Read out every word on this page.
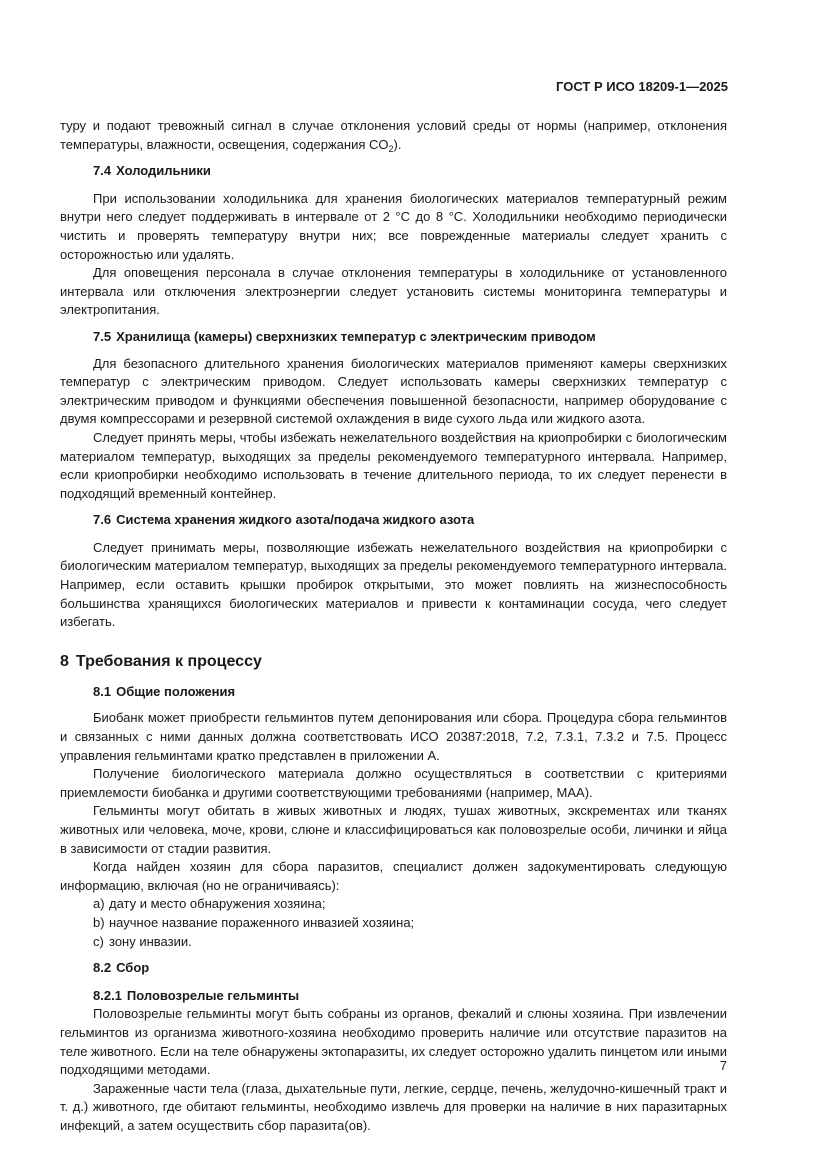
ГОСТ Р ИСО 18209-1—2025

туру и подают тревожный сигнал в случае отклонения условий среды от нормы (например, отклонения температуры, влажности, освещения, содержания $CO_2$).

7.4 Холодильники

При использовании холодильника для хранения биологических материалов температурный режим внутри него следует поддерживать в интервале от 2 °C до 8 °C. Холодильники необходимо периодически чистить и проверять температуру внутри них; все поврежденные материалы следует хранить с осторожностью или удалять.

Для оповещения персонала в случае отклонения температуры в холодильнике от установленного интервала или отключения электроэнергии следует установить системы мониторинга температуры и электропитания.

7.5 Хранилища (камеры) сверхнизких температур с электрическим приводом

Для безопасного длительного хранения биологических материалов применяют камеры сверхнизких температур с электрическим приводом. Следует использовать камеры сверхнизких температур с электрическим приводом и функциями обеспечения повышенной безопасности, например оборудование с двумя компрессорами и резервной системой охлаждения в виде сухого льда или жидкого азота.

Следует принять меры, чтобы избежать нежелательного воздействия на криопробирки с биологическим материалом температур, выходящих за пределы рекомендуемого температурного интервала. Например, если криопробирки необходимо использовать в течение длительного периода, то их следует перенести в подходящий временный контейнер.

7.6 Система хранения жидкого азота/подача жидкого азота

Следует принимать меры, позволяющие избежать нежелательного воздействия на криопробирки с биологическим материалом температур, выходящих за пределы рекомендуемого температурного интервала. Например, если оставить крышки пробирок открытыми, это может повлиять на жизнеспособность большинства хранящихся биологических материалов и привести к контаминации сосуда, чего следует избегать.

8 Требования к процессу
8.1 Общие положения

Биобанк может приобрести гельминтов путем депонирования или сбора. Процедура сбора гельминтов и связанных с ними данных должна соответствовать ИСО 20387:2018, 7.2, 7.3.1, 7.3.2 и 7.5. Процесс управления гельминтами кратко представлен в приложении А.

Получение биологического материала должно осуществляться в соответствии с критериями приемлемости биобанка и другими соответствующими требованиями (например, МАА).

Гельминты могут обитать в живых животных и людях, тушах животных, экскрементах или тканях животных или человека, моче, крови, слюне и классифицироваться как половозрелые особи, личинки и яйца в зависимости от стадии развития.

Когда найден хозяин для сбора паразитов, специалист должен задокументировать следующую информацию, включая (но не ограничиваясь):

a) дату и место обнаружения хозяина;
b) научное название пораженного инвазией хозяина;
c) зону инвазии.
8.2 Сбор
8.2.1 Половозрелые гельминты

Половозрелые гельминты могут быть собраны из органов, фекалий и слюны хозяина. При извлечении гельминтов из организма животного-хозяина необходимо проверить наличие или отсутствие паразитов на теле животного. Если на теле обнаружены эктопаразиты, их следует осторожно удалить пинцетом или иными подходящими методами.

Зараженные части тела (глаза, дыхательные пути, легкие, сердце, печень, желудочно-кишечный тракт и т. д.) животного, где обитают гельминты, необходимо извлечь для проверки на наличие в них паразитарных инфекций, а затем осуществить сбор паразита(ов).

7
